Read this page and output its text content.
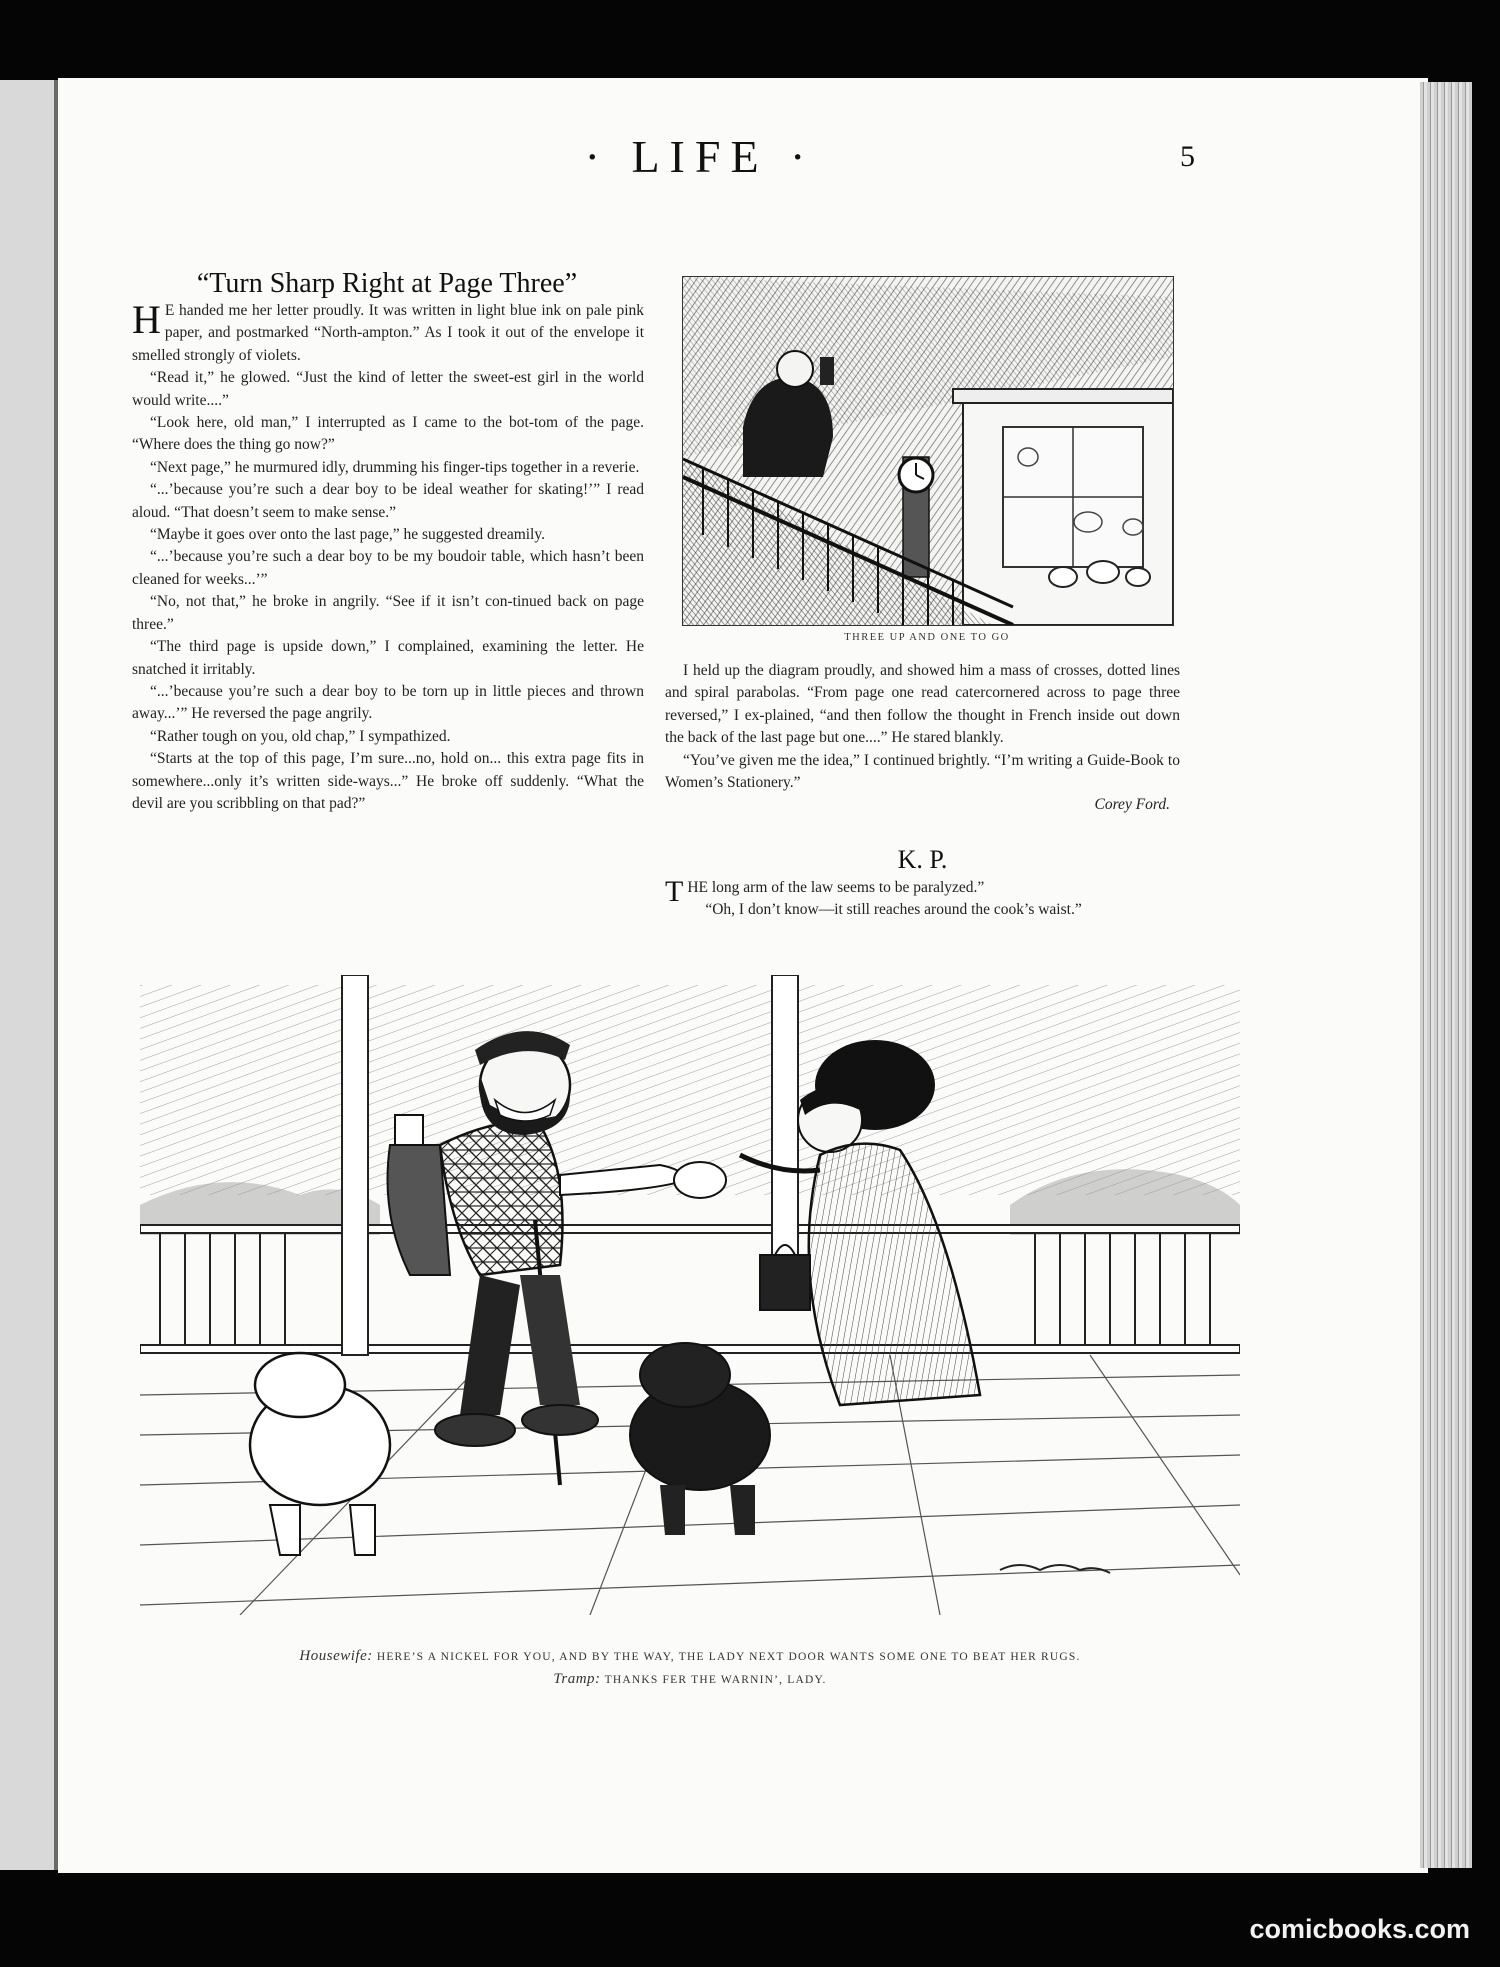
· LIFE ·	5
“Turn Sharp Right at Page Three”

H E handed me her letter proudly. It was written in light blue ink on pale pink paper, and postmarked “North-ampton.” As I took it out of the envelope it smelled strongly of violets.

“Read it,” he glowed. “Just the kind of letter the sweet-est girl in the world would write....”

“Look here, old man,” I interrupted as I came to the bot-tom of the page. “Where does the thing go now?”

“Next page,” he murmured idly, drumming his finger-tips together in a reverie.

“...’because you’re such a dear boy to be ideal weather for skating!’” I read aloud. “That doesn’t seem to make sense.”

“Maybe it goes over onto the last page,” he suggested dreamily.

“...’because you’re such a dear boy to be my boudoir table, which hasn’t been cleaned for weeks...’”

“No, not that,” he broke in angrily. “See if it isn’t con-tinued back on page three.”

“The third page is upside down,” I complained, examining the letter. He snatched it irritably.

“...’because you’re such a dear boy to be torn up in little pieces and thrown away...’” He reversed the page angrily.

“Rather tough on you, old chap,” I sympathized.

“Starts at the top of this page, I’m sure...no, hold on... this extra page fits in somewhere...only it’s written side-ways...” He broke off suddenly. “What the devil are you scribbling on that pad?”

THREE UP AND ONE TO GO

I held up the diagram proudly, and showed him a mass of crosses, dotted lines and spiral parabolas. “From page one read catercornered across to page three reversed,” I ex-plained, “and then follow the thought in French inside out down the back of the last page but one....” He stared blankly.

“You’ve given me the idea,” I continued brightly. “I’m writing a Guide-Book to Women’s Stationery.”

Corey Ford.

K. P.

THE long arm of the law seems to be paralyzed.”

“Oh, I don’t know—it still reaches around the cook’s waist.”

Housewife: HERE’S A NICKEL FOR YOU, AND BY THE WAY, THE LADY NEXT DOOR WANTS SOME ONE TO BEAT HER RUGS.
Tramp: THANKS FER THE WARNIN’, LADY.
comicbooks.com
